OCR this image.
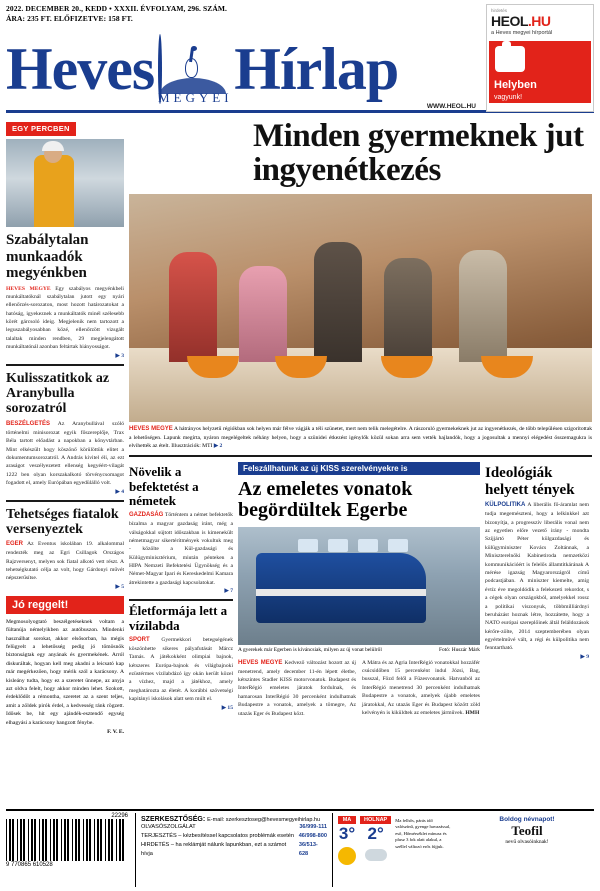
2022. DECEMBER 20., KEDD • XXXII. ÉVFOLYAM, 296. SZÁM.
ÁRA: 235 FT. ELŐFIZETVE: 158 FT.
hirdetés
HEOL.HU
a Heves megyei hírportál
Helyben
vagyunk!
Heves Hírlap
MEGYEI
WWW.HEOL.HU
EGY PERCBEN
Szabálytalan munkaadók megyénkben
HEVES MEGYE Egy szabályos megyénkbeli munkáltatóknál szabálytalan jutott egy nyári ellenőrzés-sorozaton, most hozott határozatokat a hatóság, igyekeznek a munkáltatók minél szélesebb körét gárcsoló ideig. Megjelenik nem tartozott a leguszabályosabban közé, ellenőrzött vizsgált talaltak minden rendben, 29 megjelengátott munkáltatónál azonban feltártak hiányosságot.
▶ 3
Kulisszatitkok az Aranybulla sorozatról
BESZÉLGETÉS Az Aranybullával szóló történelmi minisorozat egyik főszereplője, Trax Béla tartott előadást a napokban a könyvtárban. Mint elkészült hogy köszönő körülöttük elitet a dokumentumsorozatról. A András kivitel éli, az ezt araságot veszélyezetett ellenség kegyéért-vilagát 1222 ben olyan korszakalkotó törvénycsomagot fogadott el, amely Európában egyedülálló volt.
▶ 4
Tehetséges fiatalok versenyeztek
EGER Az Eventus iskolában 19. alkalommal rendezték meg az Egri Csillagok Országos Rajzversenyt, melyen sok fiatal alkotó vett részt. A tehetségkutató célja az volt, hogy Gárdonyi művét népszerűsítse.
▶ 5
Jó reggelt!
Megmosolyogtató beszélgetéseknek voltam a fültanúja némelyikben az autóbuszon. Mindenki használhat sorokat, akkor elsősorban, ha mégis felügyelt a lehetősség pedig jó tömösnök biztonságtak egy anyának és gyermekének. Arról diskuráltak, hogyan kell meg akadni a leicsató kap már megérkezően, hogy mérik szól a karácsony. A kisleány tudta, hogy ez a szeretet ünnepe, az anyja azt oldva felelt, hogy akkor minden lehet. Szokott, érdeklődőt a rémontha, szeretet az a szent teljes, amit a zöldek pirók érdel, a kedvesség ránk rögzett. Idősek be, hit egy ajándék-esztendő egység elhagyási a karácsony hangzott fénybe.
F. V. E.
Minden gyermeknek jut ingyenétkezés
HEVES MEGYE A hátrányos helyzetű régiókban sok helyen már félve vágják a téli szünetet, mert nem telik melegételre. A rászoruló gyermekeknek jut az ingyenétkezés, de több településen szigorítottak a lehetőségen. Lapunk megírta, nyáron megelégeltek néhány helyen, hogy a szünidei étkezést igénylők közül sokan arra sem vették hajlandók, hogy a jogosultak a mennyi elégedést összemagukra is elvihették az ételt. Illusztrációk: MTI ▶ 2
Növelik a befektetést a németek
GAZDASÁG Történtem a német befektetők bízalma a magyar gazdaság iránt, még a válságokkal sújtott időszakban is kimenekült németmagyar sikertérítmények vokultuk meg - közölte a Kül-gazdasági és Külügyminisztérium, miután pénteken a HIPA Nemzeti Befektetési Ügynökség és a Német-Magyar Ipari és Kereskedelmi Kamara átrekintette a gazdasági kapcsolatokat.
▶ 7
Életformája lett a vízilabda
SPORT Gyermekkori betegségének köszönhette sikeres pályafutását Márcz Tamás. A játékokként olimpiai bajnok, kétszeres Európa-bajnok és világbajnoki ezüstérmes vízilabdázó így okán került közel a vízhez, majd a játékhoz, amely meghatározta az életét. A korábbi szövetségi kapitányi iskolások alatt sem múlt el.
▶ 15
Felszállhatunk az új KISS szerelvényekre is
Az emeletes vonatok begördültek Egerbe
A gyerekek már Egerben is kíváncsiak, milyen az új vonat belülről	Fotó: Huszár Márk
HEVES MEGYE Kedvező változást hozott az új menetrend, amely december 11-én lépett életbe, kétszintes Stadler KISS motorvonatok. Budapest és InterRégió emeletes járatok fordulnak, és hamarosan InterRégió 30 percenként indulhatnak Budapestre a vonatok, amelyek a tömegre, Az utazás Eger és Budapest közt.
A Mátra és az Agria InterRégió vonatokkal hozzáfér csúcsidőben 15 percenként indul Józsi, Bag, busszal, Fözd felől a Füzesvonatok. Hatvanból az InterRégió menetrend 30 percenként indulhatnak Budapestre a vonatok, amelyek újabb emeletes járatokkal, Az utazás Eger és Budapest között zöld kelvényén is kiküldtek az emeletes járművek. HMH
Ideológiák helyett tények
KÜLPOLITIKA A liberális fő-áramlat nem tudja megemészteni, hogy a lelkinkkel azt bizonyítja, a progresszív liberális vonal nem az egyetlen előre vezető irány - mondta Szijjártó Péter külgazdasági és külügyminiszter Kovács Zoltánnak, a Miniszterelnöki Kabinetiroda nemzetközi kommunikációért is felelős államtitkárának A mérése igazság Magyarországról című podcastjában. A miniszter kiemelte, amig évtíz éve megoldódik a felekezeti rekordot, s a cégek olyan országokból, amelyekkel rossz a politikai viszonyuk, többmilliárdnyi beruházást hoznak létre, hozzátette, hogy a NATO európai szereplőinek áltál feláldozások kérőre-zölte, 2014 szeptemberében olyan egyértelművé vált, a régi és külpolitika nem fenntartható.
▶ 9
9 770865 610528
22296 SZERKESZTŐSÉG: E-mail: szerkesztoseg@hevesmegyeihirlap.hu
OLVASÓSZOLGÁLAT	36/999-111
TERJESZTÉS – kézbesítéssel kapcsolatos problémák esetén 46/998-800
HIRDETÉS – ha reklámját nálunk lapunkban, ezt a számot hívja
36/513-628
MA
3°
HOLNAP
2°
Ma felhős, párás idő valószínű, gyenge havazással, eső, Hőmérséklet mínusz és plusz 3 fok alatt alakul, a széllel változó erős fújjuk.
Boldog névnapot!
Teofil
nevű olvasóinknak!
